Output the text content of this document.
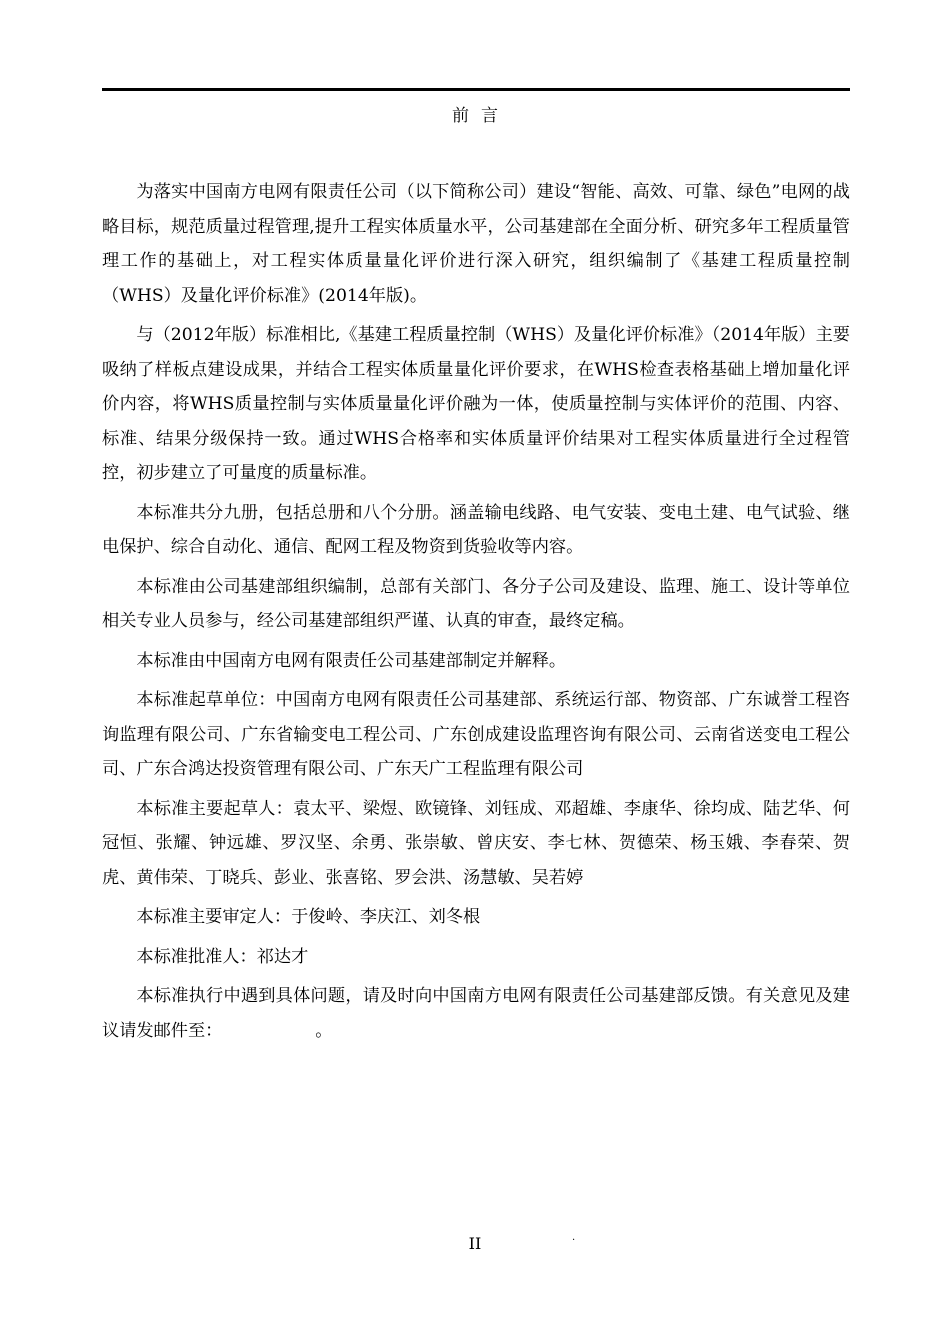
前言

为落实中国南方电网有限责任公司（以下简称公司）建设“智能、高效、可靠、绿色”电网的战略目标，规范质量过程管理,提升工程实体质量水平，公司基建部在全面分析、研究多年工程质量管理工作的基础上，对工程实体质量量化评价进行深入研究，组织编制了《基建工程质量控制（WHS）及量化评价标准》(2014年版)。

与（2012年版）标准相比,《基建工程质量控制（WHS）及量化评价标准》（2014年版）主要吸纳了样板点建设成果，并结合工程实体质量量化评价要求，在WHS检查表格基础上增加量化评价内容，将WHS质量控制与实体质量量化评价融为一体，使质量控制与实体评价的范围、内容、标准、结果分级保持一致。通过WHS合格率和实体质量评价结果对工程实体质量进行全过程管控，初步建立了可量度的质量标准。

本标准共分九册，包括总册和八个分册。涵盖输电线路、电气安装、变电土建、电气试验、继电保护、综合自动化、通信、配网工程及物资到货验收等内容。

本标准由公司基建部组织编制，总部有关部门、各分子公司及建设、监理、施工、设计等单位相关专业人员参与，经公司基建部组织严谨、认真的审查，最终定稿。

本标准由中国南方电网有限责任公司基建部制定并解释。

本标准起草单位：中国南方电网有限责任公司基建部、系统运行部、物资部、广东诚誉工程咨询监理有限公司、广东省输变电工程公司、广东创成建设监理咨询有限公司、云南省送变电工程公司、广东合鸿达投资管理有限公司、广东天广工程监理有限公司

本标准主要起草人：袁太平、梁煜、欧镜锋、刘钰成、邓超雄、李康华、徐均成、陆艺华、何冠恒、张耀、钟远雄、罗汉坚、余勇、张崇敏、曾庆安、李七林、贺德荣、杨玉娥、李春荣、贺虎、黄伟荣、丁晓兵、彭业、张喜铭、罗会洪、汤慧敏、吴若婷

本标准主要审定人：于俊岭、李庆江、刘冬根

本标准批准人：祁达才

本标准执行中遇到具体问题，请及时向中国南方电网有限责任公司基建部反馈。有关意见及建议请发邮件至：                 。

II	.
